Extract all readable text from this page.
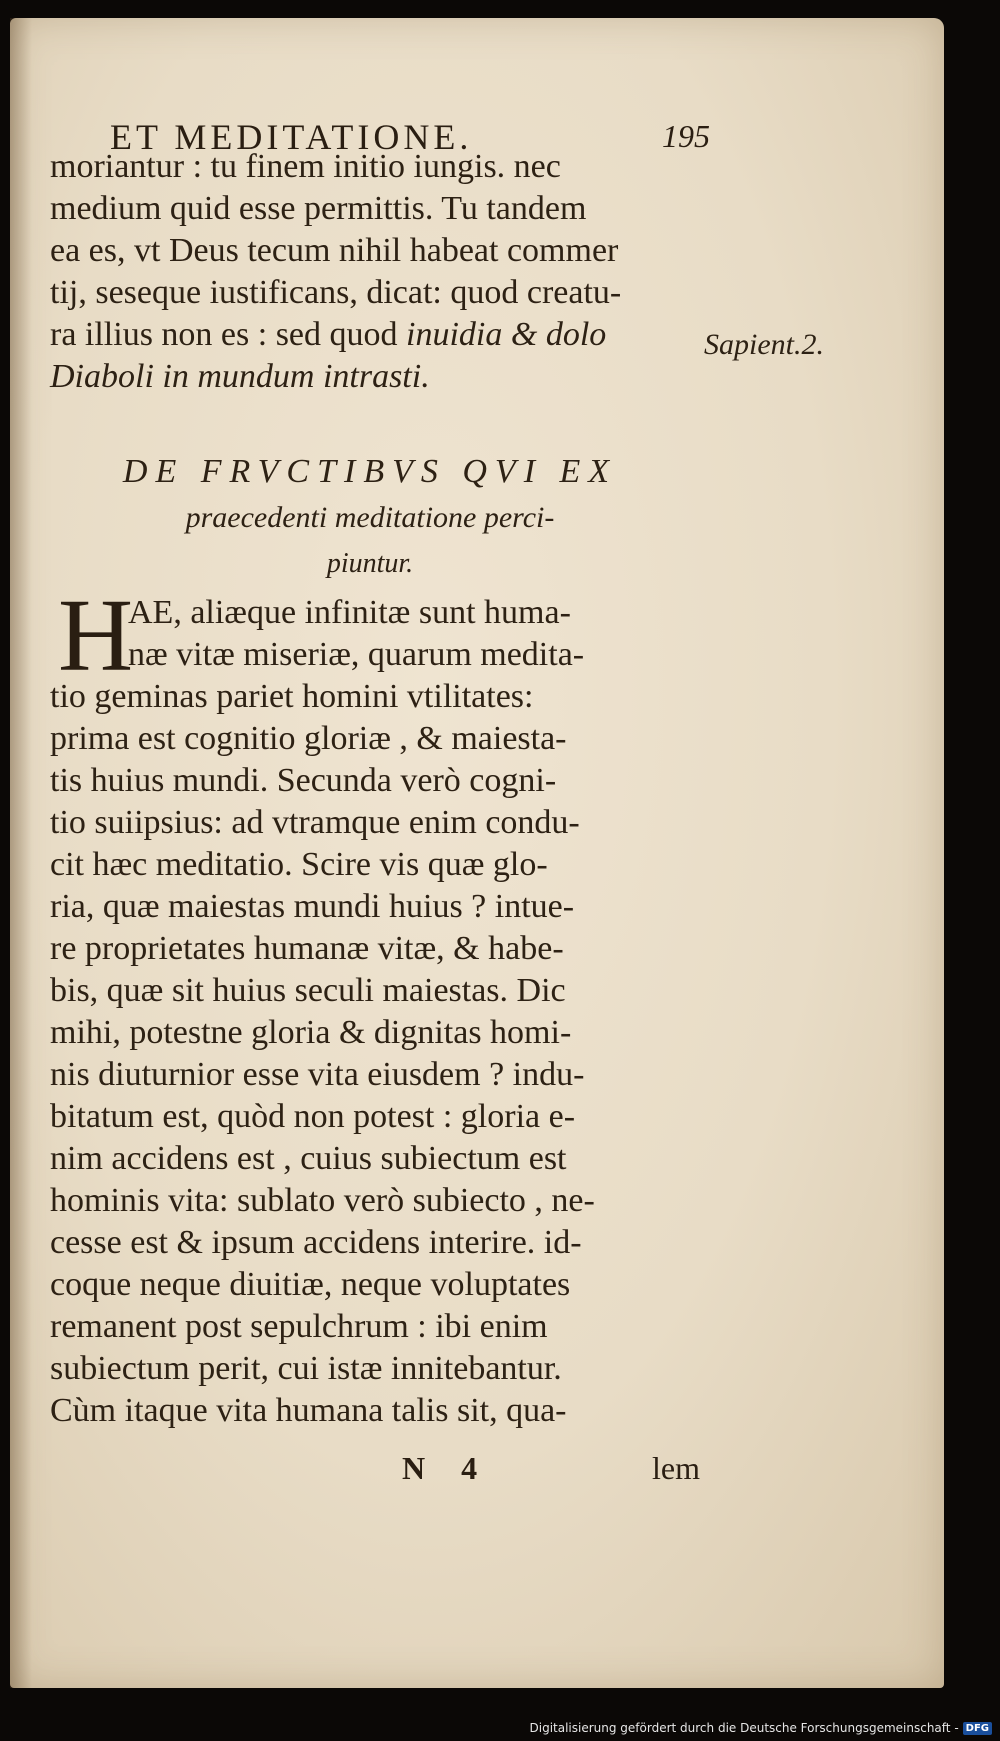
ET MEDITATIONE.	195
moriantur : tu finem initio iungis. nec
medium quid esse permittis. Tu tandem
ea es, vt Deus tecum nihil habeat commer
tij, seseque iustificans, dicat: quod creatu-
ra illius non es : sed quod inuidia & dolo
Diaboli in mundum intrasti.
Sapient.2.
DE FRVCTIBVS QVI EX
praecedenti meditatione perci-
piuntur.
H
AE, aliæque infinitæ sunt huma-
næ vitæ miseriæ, quarum medita-
tio geminas pariet homini vtilitates:
prima est cognitio gloriæ , & maiesta-
tis huius mundi. Secunda verò cogni-
tio suiipsius: ad vtramque enim condu-
cit hæc meditatio. Scire vis quæ glo-
ria, quæ maiestas mundi huius ? intue-
re proprietates humanæ vitæ, & habe-
bis, quæ sit huius seculi maiestas. Dic
mihi, potestne gloria & dignitas homi-
nis diuturnior esse vita eiusdem ? indu-
bitatum est, quòd non potest : gloria e-
nim accidens est , cuius subiectum est
hominis vita: sublato verò subiecto , ne-
cesse est & ipsum accidens interire. id-
coque neque diuitiæ, neque voluptates
remanent post sepulchrum : ibi enim
subiectum perit, cui istæ innitebantur.
Cùm itaque vita humana talis sit, qua-
N 4	lem
Digitalisierung gefördert durch die Deutsche Forschungsgemeinschaft - DFG
